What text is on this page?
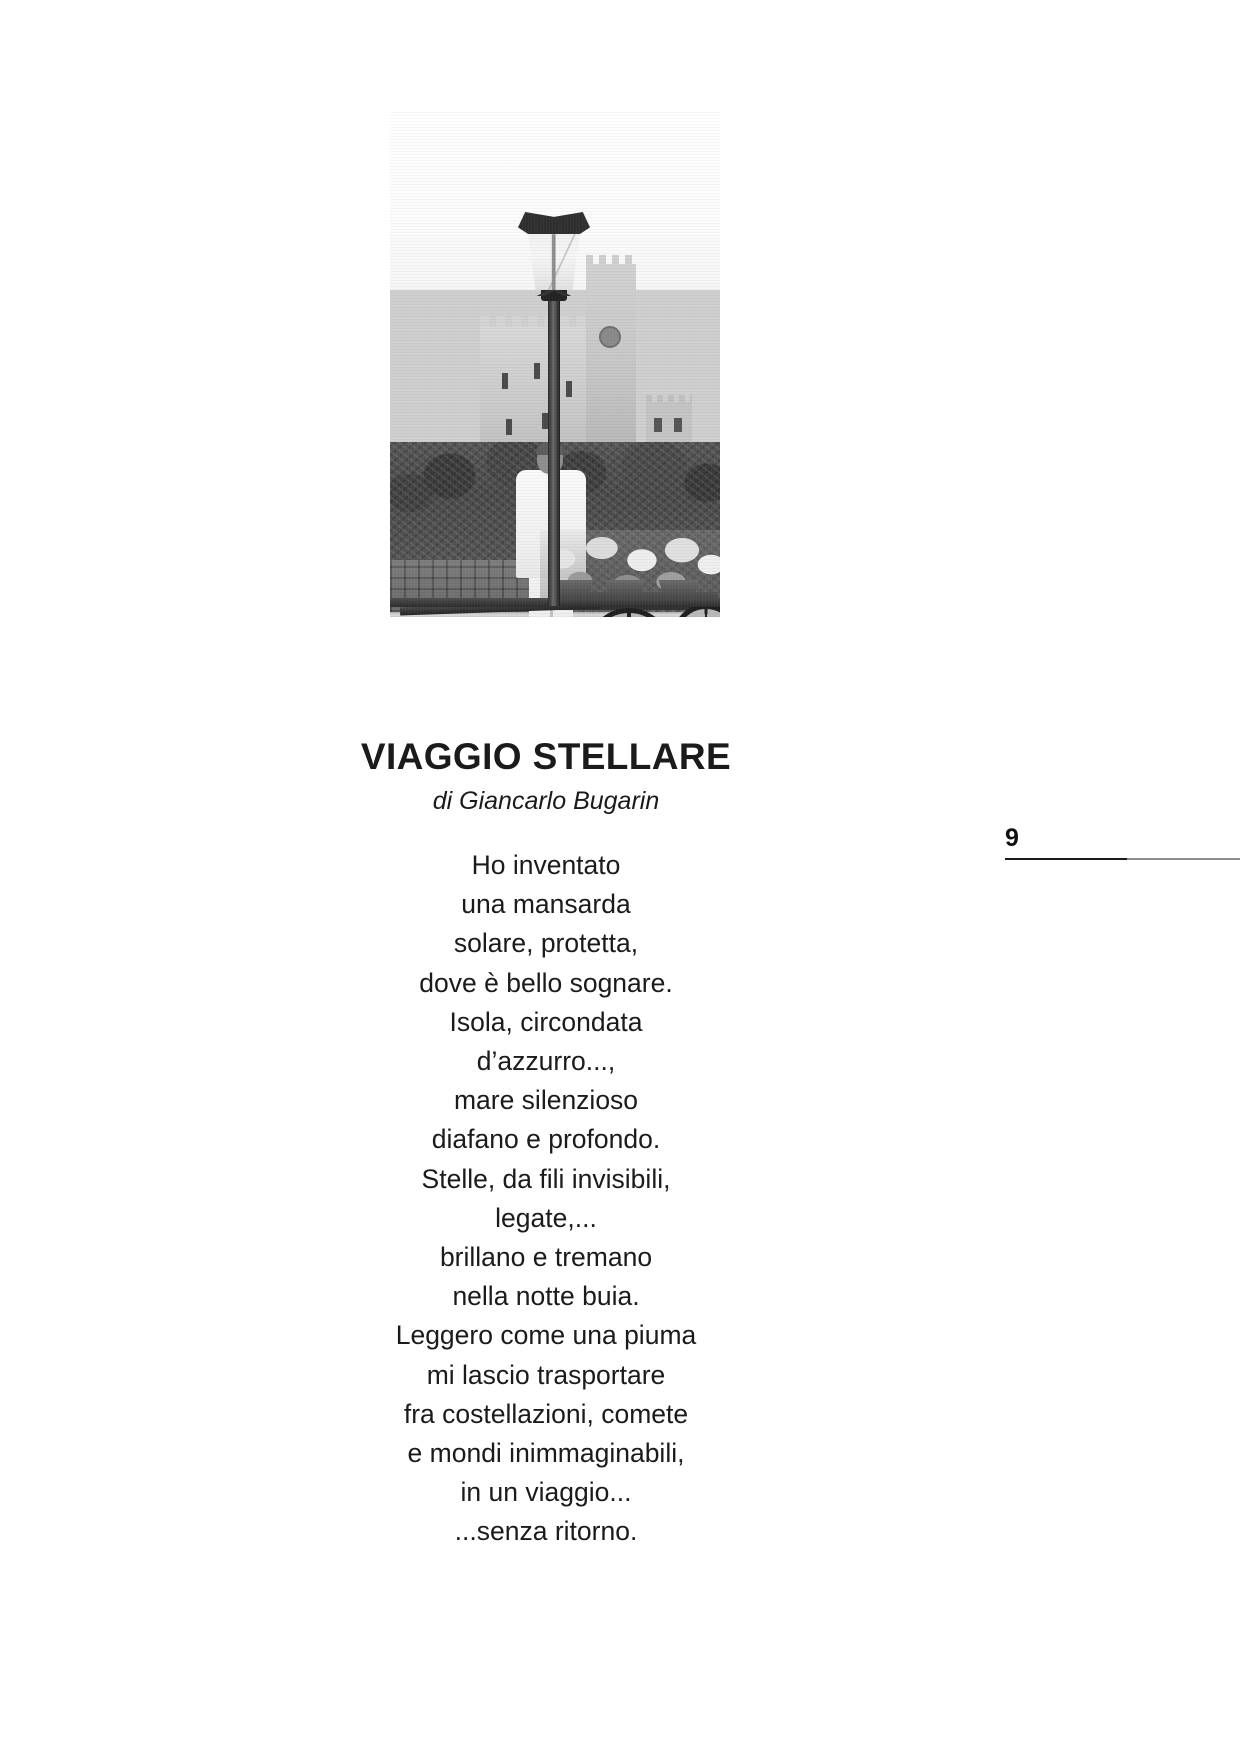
VIAGGIO STELLARE
di Giancarlo Bugarin
Ho inventato
una mansarda
solare, protetta,
dove è bello sognare.
Isola, circondata
d’azzurro...,
mare silenzioso
diafano e profondo.
Stelle, da fili invisibili,
legate,...
brillano e tremano
nella notte buia.
Leggero come una piuma
mi lascio trasportare
fra costellazioni, comete
e mondi inimmaginabili,
in un viaggio...
...senza ritorno.
9
